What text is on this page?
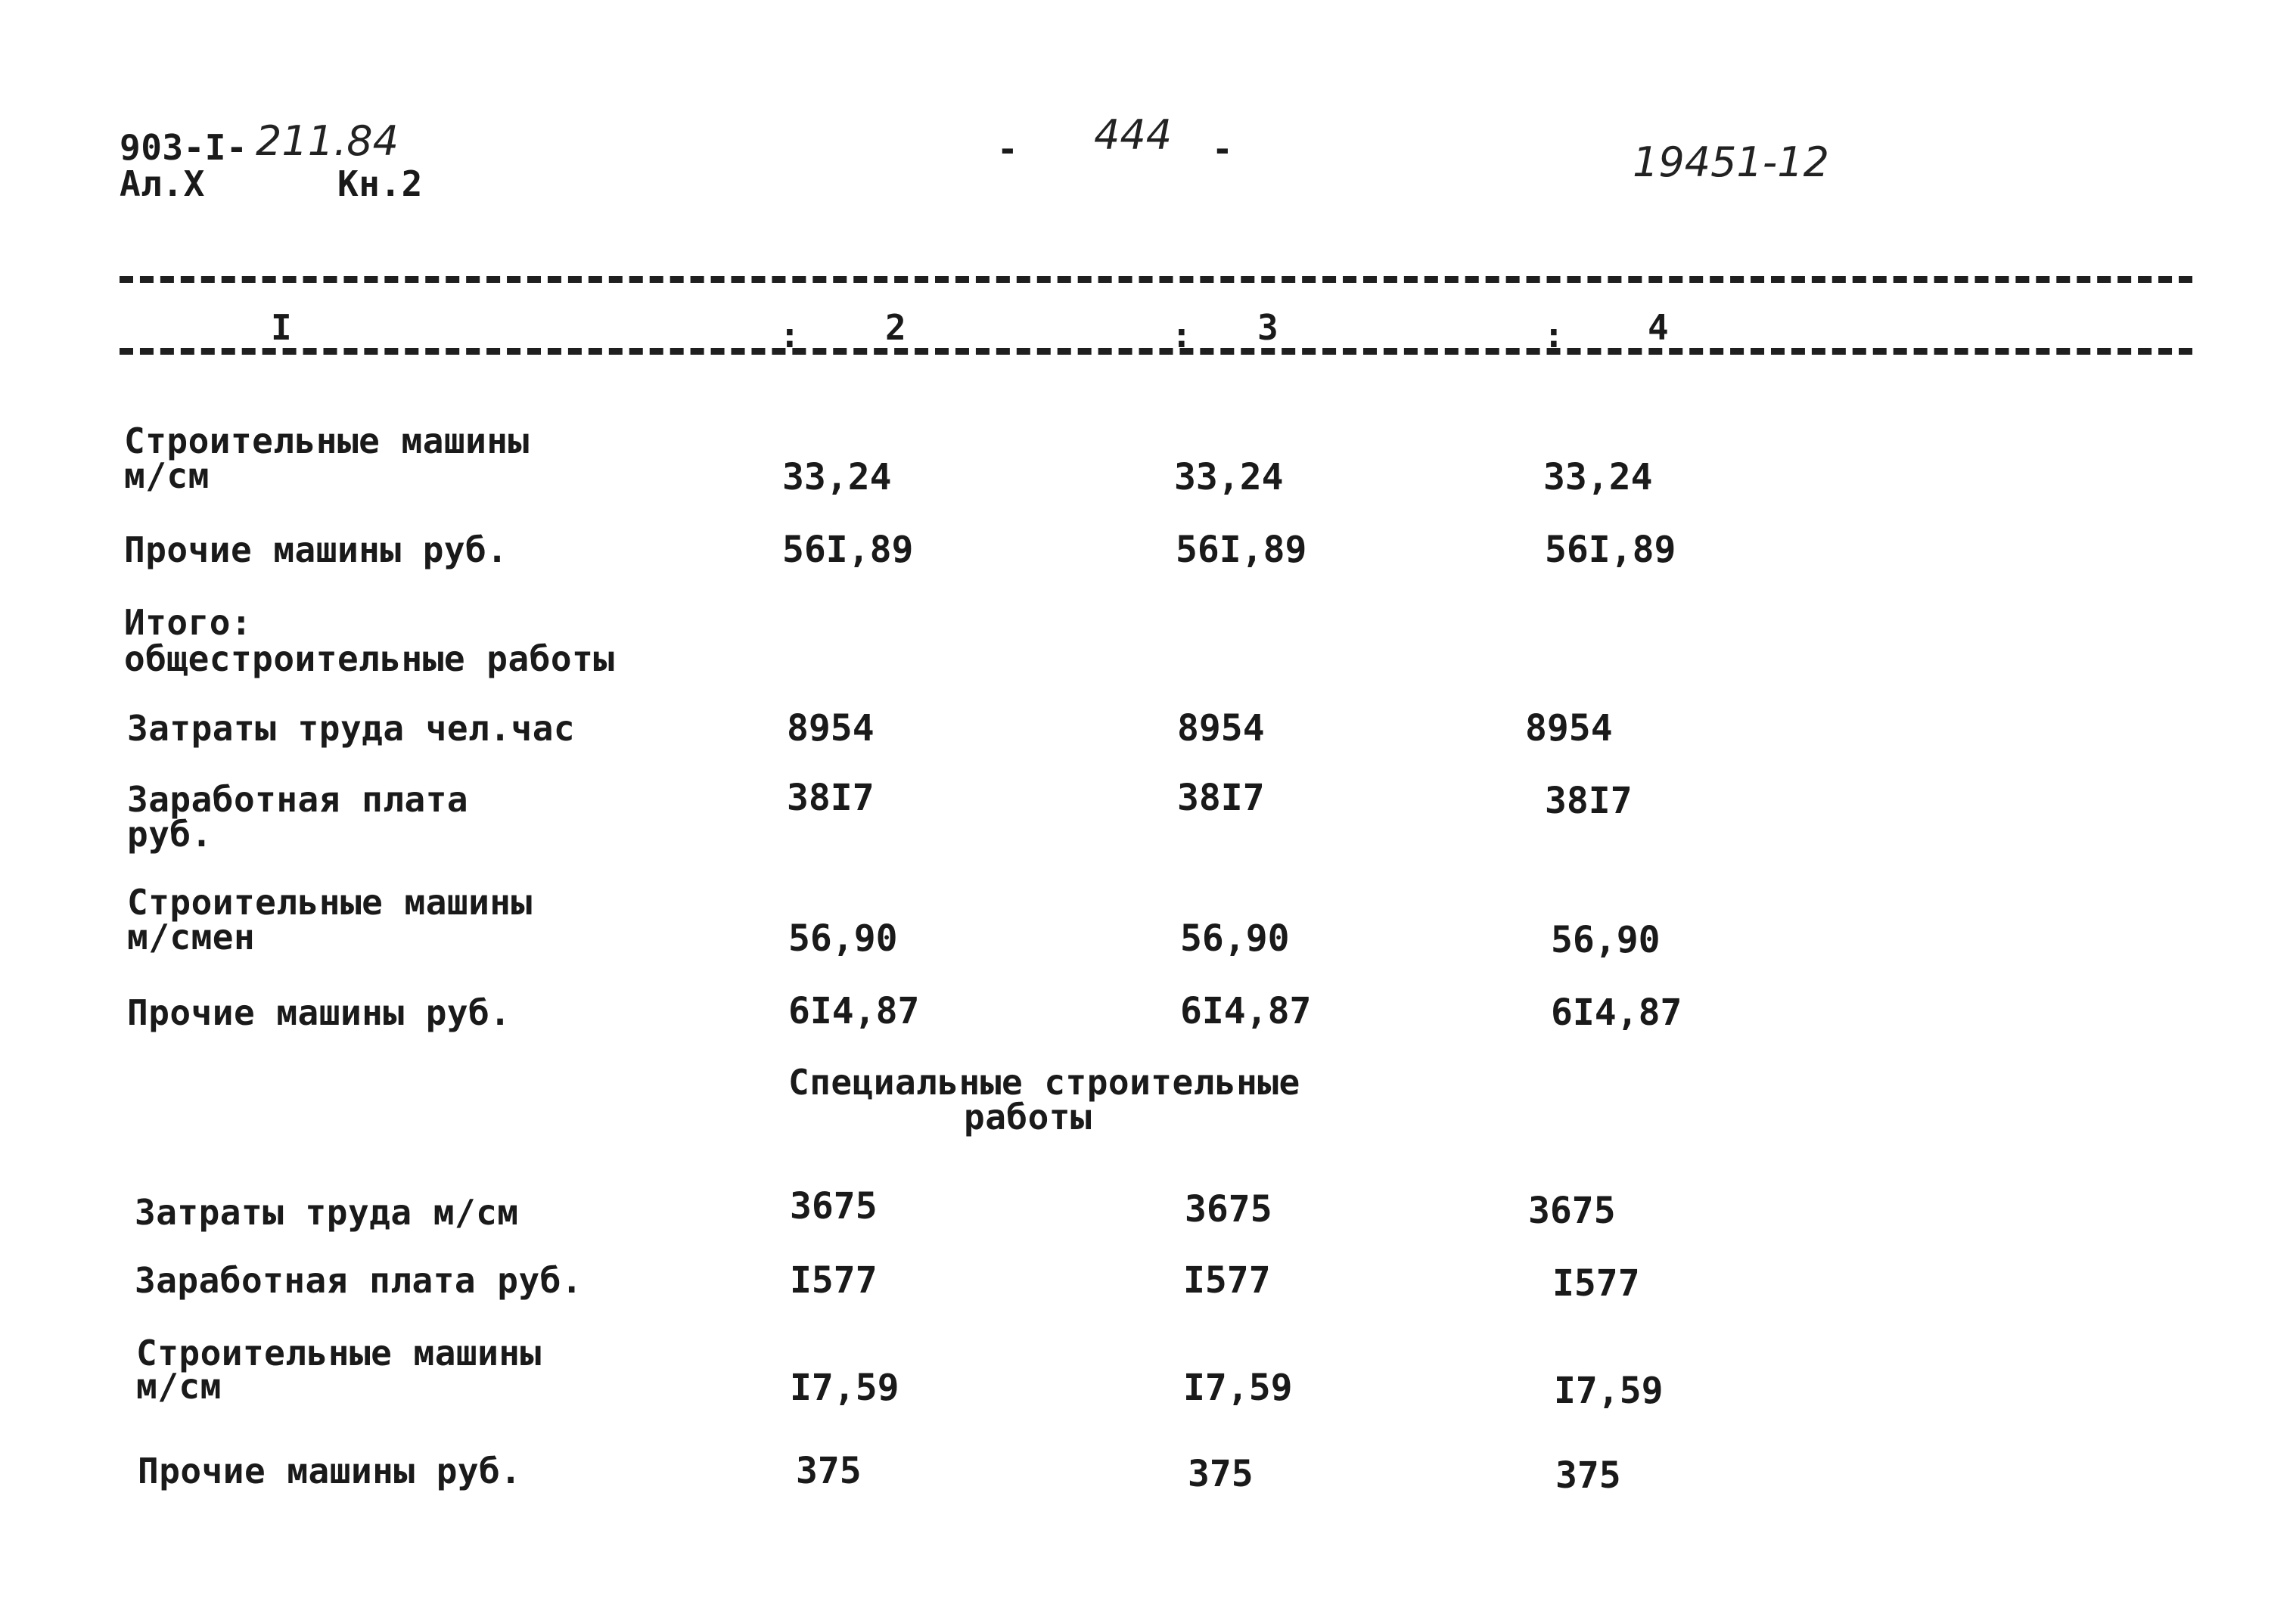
903-I- 211.84
Ал.X	Кн.2
- 444 -	19451-12
I	: 2	: 3	: 4
Строительные машины
м/см	33,24	33,24	33,24
Прочие машины руб.	56I,89	56I,89	56I,89
Итого:
общестроительные работы
Затраты труда чел.час	8954	8954	8954
Заработная плата
руб.
38I7	38I7	38I7
Строительные машины
м/смен	56,90	56,90	56,90
Прочие машины руб.	6I4,87	6I4,87	6I4,87
Специальные строительные
работы
Затраты труда м/см	3675	3675	3675
Заработная плата руб.	I577	I577	I577
Строительные машины
м/см	I7,59	I7,59	I7,59
Прочие машины руб.	375	375	375
